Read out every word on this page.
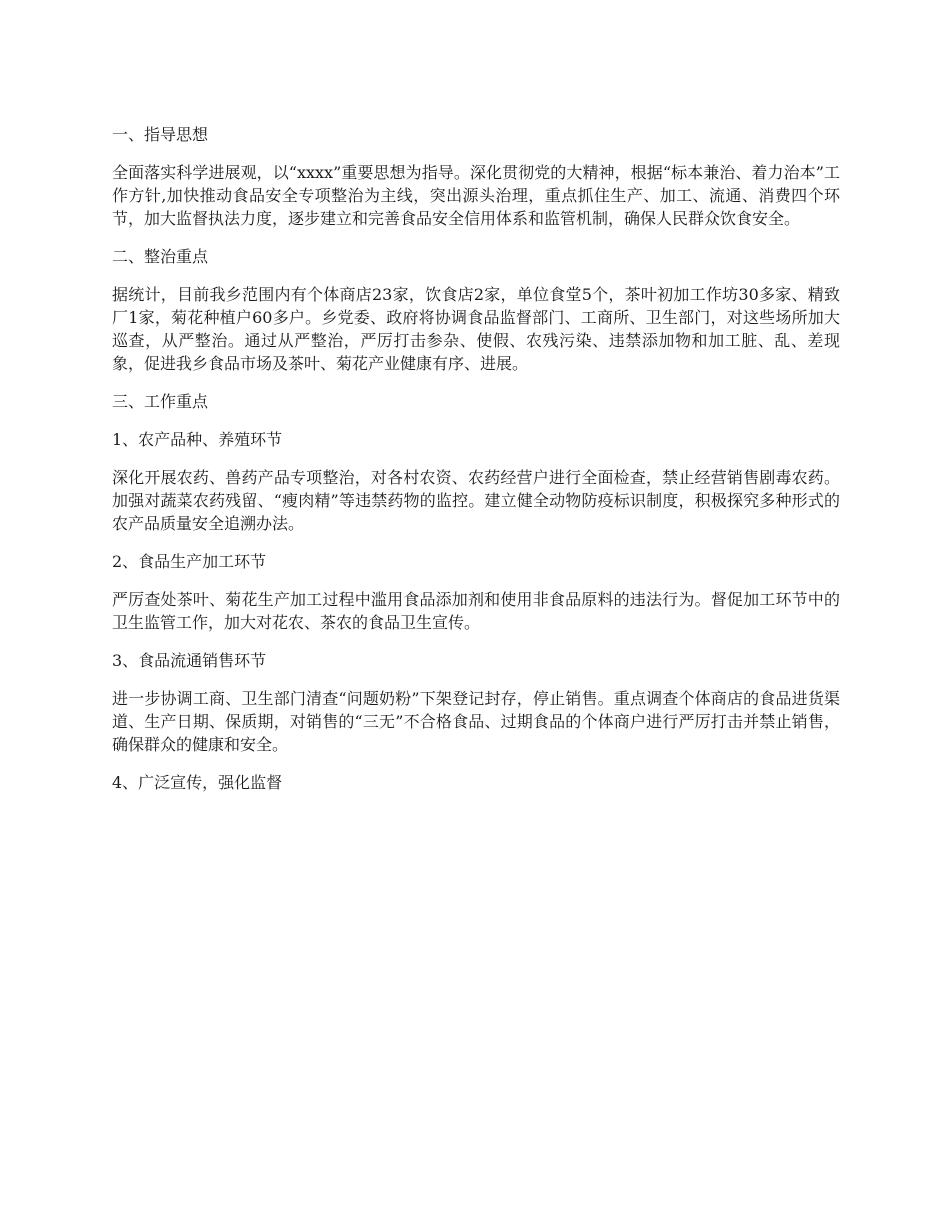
一、指导思想
全面落实科学进展观，以“xxxx”重要思想为指导。深化贯彻党的大精神，根据“标本兼治、着力治本”工作方针,加快推动食品安全专项整治为主线，突出源头治理，重点抓住生产、加工、流通、消费四个环节，加大监督执法力度，逐步建立和完善食品安全信用体系和监管机制，确保人民群众饮食安全。
二、整治重点
据统计，目前我乡范围内有个体商店23家，饮食店2家，单位食堂5个，茶叶初加工作坊30多家、精致厂1家，菊花种植户60多户。乡党委、政府将协调食品监督部门、工商所、卫生部门，对这些场所加大巡查，从严整治。通过从严整治，严厉打击参杂、使假、农残污染、违禁添加物和加工脏、乱、差现象，促进我乡食品市场及茶叶、菊花产业健康有序、进展。
三、工作重点
1、农产品种、养殖环节
深化开展农药、兽药产品专项整治，对各村农资、农药经营户进行全面检查，禁止经营销售剧毒农药。加强对蔬菜农药残留、“瘦肉精”等违禁药物的监控。建立健全动物防疫标识制度，积极探究多种形式的农产品质量安全追溯办法。
2、食品生产加工环节
严厉查处茶叶、菊花生产加工过程中滥用食品添加剂和使用非食品原料的违法行为。督促加工环节中的卫生监管工作，加大对花农、茶农的食品卫生宣传。
3、食品流通销售环节
进一步协调工商、卫生部门清查“问题奶粉”下架登记封存，停止销售。重点调查个体商店的食品进货渠道、生产日期、保质期，对销售的“三无”不合格食品、过期食品的个体商户进行严厉打击并禁止销售，确保群众的健康和安全。
4、广泛宣传，强化监督
